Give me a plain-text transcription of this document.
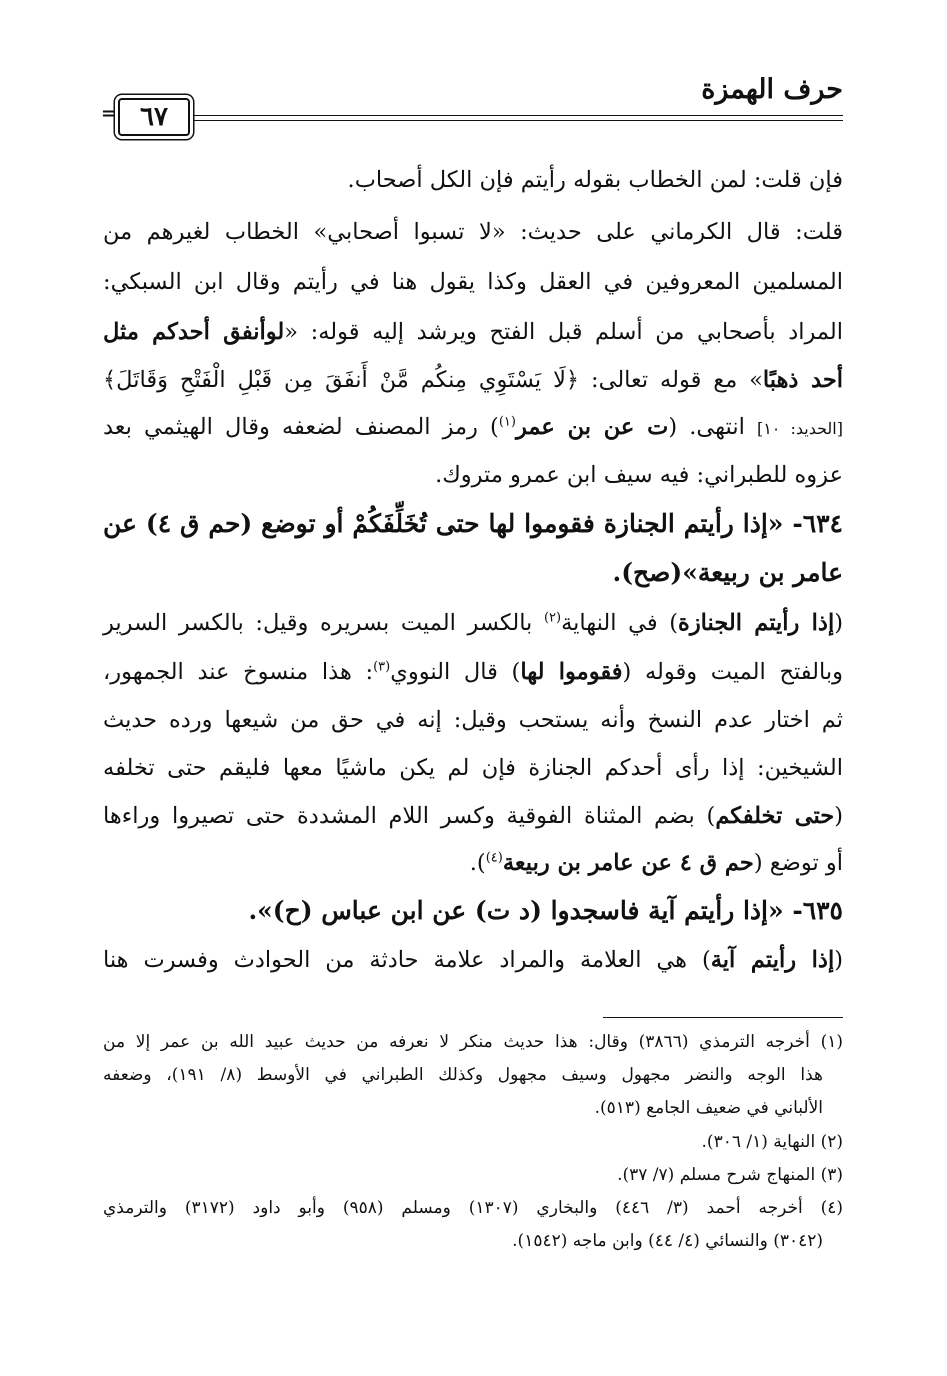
حرف الهمزة
٦٧
=
فإن قلت: لمن الخطاب بقوله رأيتم فإن الكل أصحاب.
قلت: قال الكرماني على حديث: «لا تسبوا أصحابي» الخطاب لغيرهم من
المسلمين المعروفين في العقل وكذا يقول هنا في رأيتم وقال ابن السبكي:
المراد بأصحابي من أسلم قبل الفتح ويرشد إليه قوله: «لوأنفق أحدكم مثل
أحد ذهبًا» مع قوله تعالى: ﴿لَا يَسْتَوِي مِنكُم مَّنْ أَنفَقَ مِن قَبْلِ الْفَتْحِ وَقَاتَلَ﴾
[الحديد: ١٠] انتهى. (ت عن بن عمر$^{(١)}$) رمز المصنف لضعفه وقال الهيثمي بعد
عزوه للطبراني: فيه سيف ابن عمرو متروك.
٦٣٤- «إذا رأيتم الجنازة فقوموا لها حتى تُخَلِّفَكُمْ أو توضع (حم ق ٤) عن
عامر بن ربيعة»(صح).
(إذا رأيتم الجنازة) في النهاية$^{(٢)}$ بالكسر الميت بسريره وقيل: بالكسر السرير
وبالفتح الميت وقوله (فقوموا لها) قال النووي$^{(٣)}$: هذا منسوخ عند الجمهور،
ثم اختار عدم النسخ وأنه يستحب وقيل: إنه في حق من شيعها ورده حديث
الشيخين: إذا رأى أحدكم الجنازة فإن لم يكن ماشيًا معها فليقم حتى تخلفه
(حتى تخلفكم) بضم المثناة الفوقية وكسر اللام المشددة حتى تصيروا وراءها
أو توضع (حم ق ٤ عن عامر بن ربيعة$^{(٤)}$).
٦٣٥- «إذا رأيتم آية فاسجدوا (د ت) عن ابن عباس (ح)».
(إذا رأيتم آية) هي العلامة والمراد علامة حادثة من الحوادث وفسرت هنا
(١) أخرجه الترمذي (٣٨٦٦) وقال: هذا حديث منكر لا نعرفه من حديث عبيد الله بن عمر إلا من
هذا الوجه والنضر مجهول وسيف مجهول وكذلك الطبراني في الأوسط (٨/ ١٩١)، وضعفه
الألباني في ضعيف الجامع (٥١٣).
(٢) النهاية (١/ ٣٠٦).
(٣) المنهاج شرح مسلم (٧/ ٣٧).
(٤) أخرجه أحمد (٣/ ٤٤٦) والبخاري (١٣٠٧) ومسلم (٩٥٨) وأبو داود (٣١٧٢) والترمذي
(٣٠٤٢) والنسائي (٤/ ٤٤) وابن ماجه (١٥٤٢).
